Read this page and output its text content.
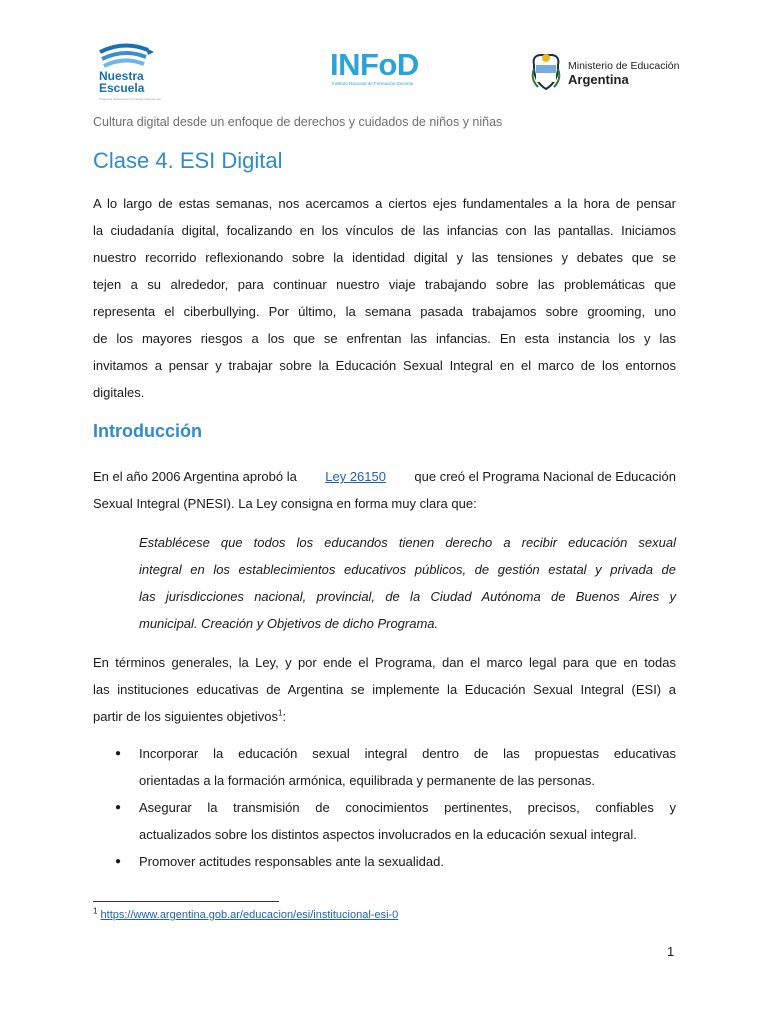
Nuestra
Escuela
Programa Nacional de Formación Permanente
INFoD
Instituto Nacional de Formación Docente
Ministerio de Educación
Argentina
Cultura digital desde un enfoque de derechos y cuidados de niños y niñas
Clase 4. ESI Digital
A lo largo de estas semanas, nos acercamos a ciertos ejes fundamentales a la hora de pensar
la ciudadanía digital, focalizando en los vínculos de las infancias con las pantallas. Iniciamos
nuestro recorrido reflexionando sobre la identidad digital y las tensiones y debates que se
tejen a su alrededor, para continuar nuestro viaje trabajando sobre las problemáticas que
representa el ciberbullying. Por último, la semana pasada trabajamos sobre grooming, uno
de los mayores riesgos a los que se enfrentan las infancias. En esta instancia los y las
invitamos a pensar y trabajar sobre la Educación Sexual Integral en el marco de los entornos
digitales.
Introducción
En el año 2006 Argentina aprobó la Ley 26150 que creó el Programa Nacional de Educación
Sexual Integral (PNESI). La Ley consigna en forma muy clara que:
Establécese que todos los educandos tienen derecho a recibir educación sexual
integral en los establecimientos educativos públicos, de gestión estatal y privada de
las jurisdicciones nacional, provincial, de la Ciudad Autónoma de Buenos Aires y
municipal. Creación y Objetivos de dicho Programa.
En términos generales, la Ley, y por ende el Programa, dan el marco legal para que en todas
las instituciones educativas de Argentina se implemente la Educación Sexual Integral (ESI) a
partir de los siguientes objetivos$^1$:
● Incorporar la educación sexual integral dentro de las propuestas educativas
orientadas a la formación armónica, equilibrada y permanente de las personas.
● Asegurar la transmisión de conocimientos pertinentes, precisos, confiables y
actualizados sobre los distintos aspectos involucrados en la educación sexual integral.
● Promover actitudes responsables ante la sexualidad.
$^1$ https://www.argentina.gob.ar/educacion/esi/institucional-esi-0
1
